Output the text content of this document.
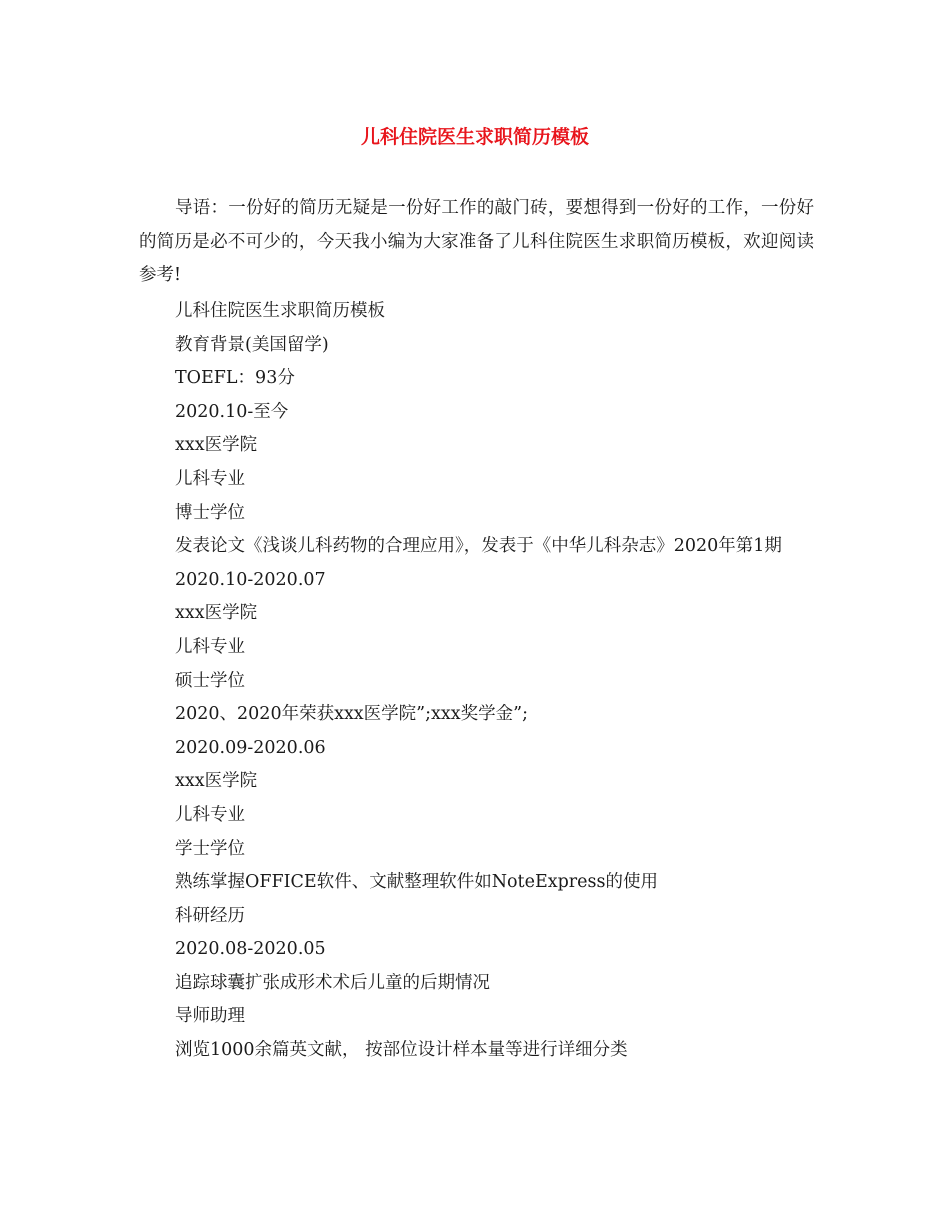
儿科住院医生求职简历模板

导语：一份好的简历无疑是一份好工作的敲门砖，要想得到一份好的工作，一份好的简历是必不可少的，今天我小编为大家准备了儿科住院医生求职简历模板，欢迎阅读参考!

儿科住院医生求职简历模板
教育背景(美国留学)
TOEFL：93分
2020.10-至今
xxx医学院
儿科专业
博士学位
发表论文《浅谈儿科药物的合理应用》，发表于《中华儿科杂志》2020年第1期
2020.10-2020.07
xxx医学院
儿科专业
硕士学位
2020、2020年荣获xxx医学院”;xxx奖学金”;
2020.09-2020.06
xxx医学院
儿科专业
学士学位
熟练掌握OFFICE软件、文献整理软件如NoteExpress的使用
科研经历
2020.08-2020.05
追踪球囊扩张成形术术后儿童的后期情况
导师助理
浏览1000余篇英文献， 按部位设计样本量等进行详细分类
